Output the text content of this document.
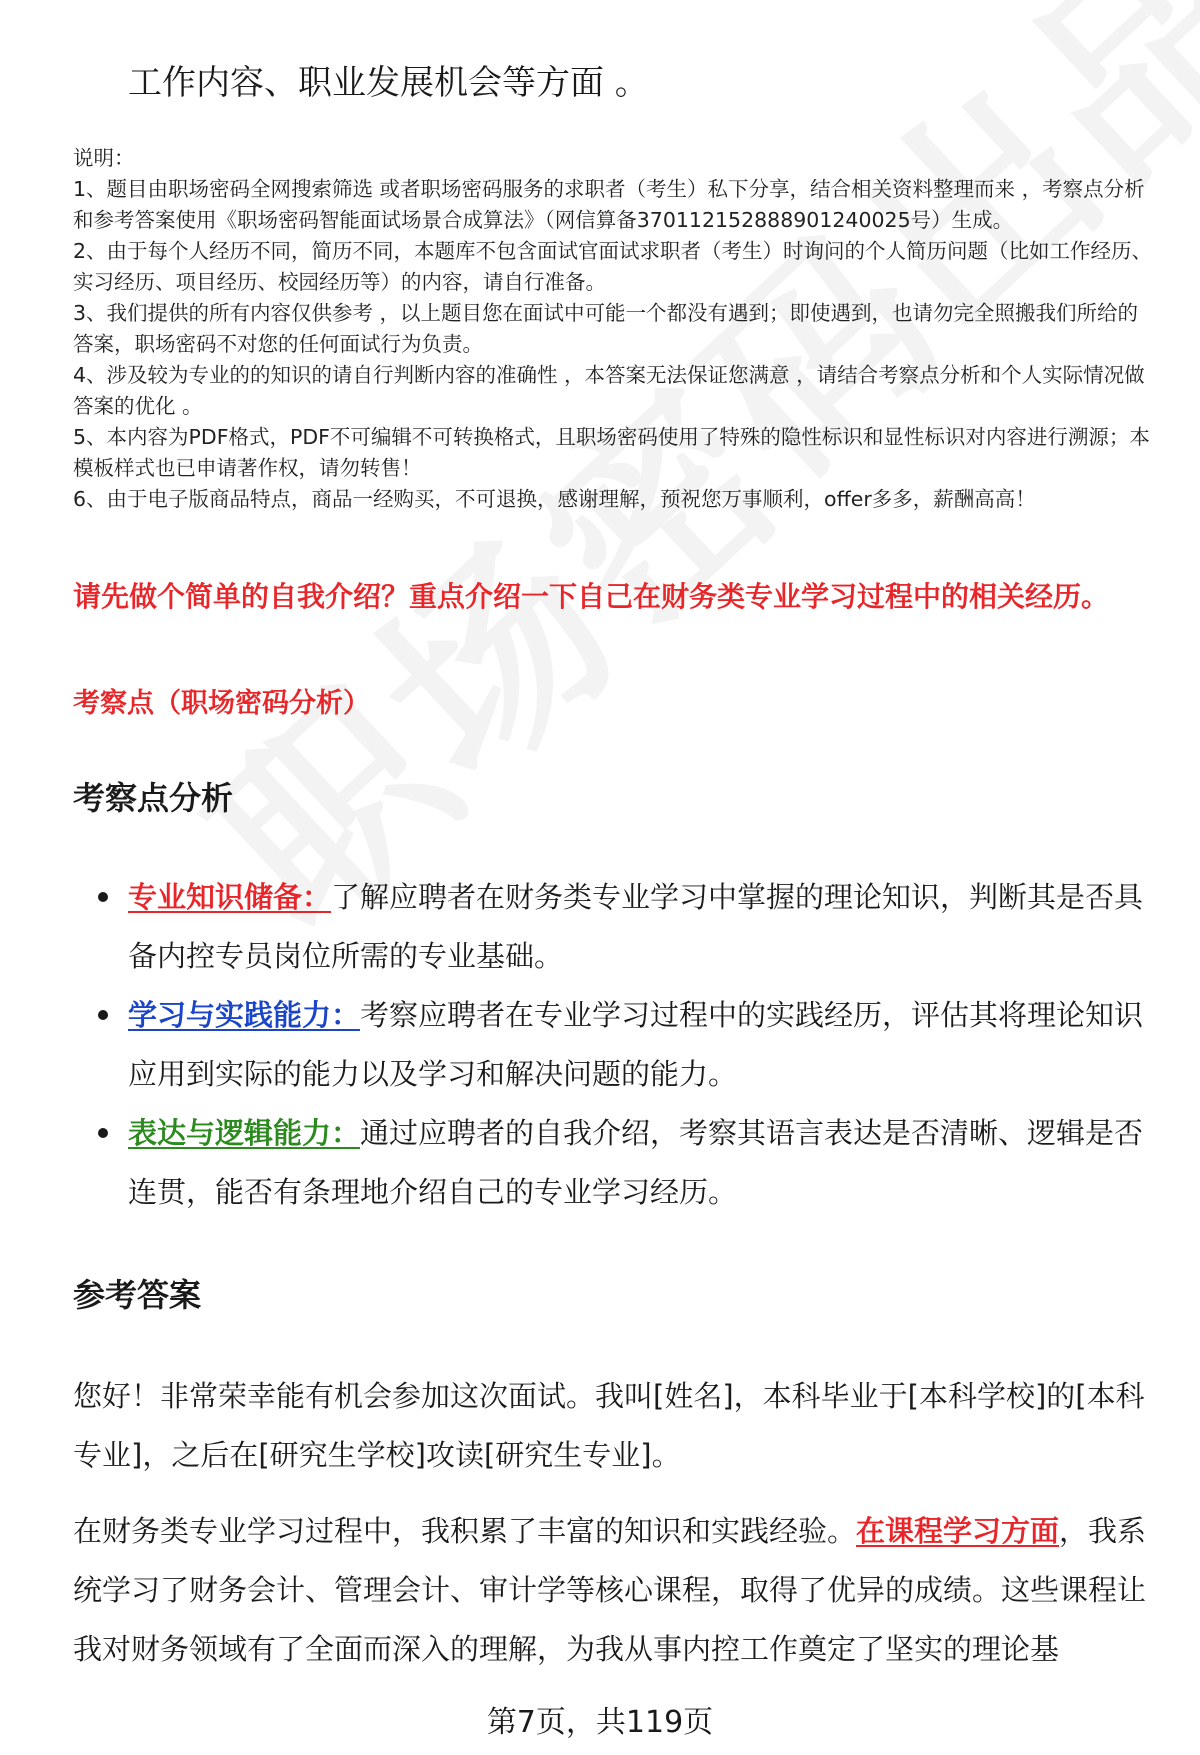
工作内容、职业发展机会等方面 。

说明：

1、题目由职场密码全网搜索筛选 或者职场密码服务的求职者（考生）私下分享，结合相关资料整理而来 ，考察点分析和参考答案使用《职场密码智能面试场景合成算法》（网信算备370112152888901240025号）生成。

2、由于每个人经历不同，简历不同，本题库不包含面试官面试求职者（考生）时询问的个人简历问题（比如工作经历、实习经历、项目经历、校园经历等）的内容，请自行准备。

3、我们提供的所有内容仅供参考 ，以上题目您在面试中可能一个都没有遇到；即使遇到，也请勿完全照搬我们所给的答案，职场密码不对您的任何面试行为负责。

4、涉及较为专业的的知识的请自行判断内容的准确性 ，本答案无法保证您满意 ，请结合考察点分析和个人实际情况做答案的优化 。

5、本内容为PDF格式，PDF不可编辑不可转换格式，且职场密码使用了特殊的隐性标识和显性标识对内容进行溯源；本模板样式也已申请著作权，请勿转售！

6、由于电子版商品特点，商品一经购买，不可退换，感谢理解，预祝您万事顺利，offer多多，薪酬高高！

请先做个简单的自我介绍？重点介绍一下自己在财务类专业学习过程中的相关经历。
考察点（职场密码分析）
考察点分析
专业知识储备：了解应聘者在财务类专业学习中掌握的理论知识，判断其是否具备内控专员岗位所需的专业基础。
学习与实践能力：考察应聘者在专业学习过程中的实践经历，评估其将理论知识应用到实际的能力以及学习和解决问题的能力。
表达与逻辑能力：通过应聘者的自我介绍，考察其语言表达是否清晰、逻辑是否连贯，能否有条理地介绍自己的专业学习经历。
参考答案

您好！非常荣幸能有机会参加这次面试。我叫[姓名]，本科毕业于[本科学校]的[本科专业]，之后在[研究生学校]攻读[研究生专业]。

在财务类专业学习过程中，我积累了丰富的知识和实践经验。在课程学习方面，我系统学习了财务会计、管理会计、审计学等核心课程，取得了优异的成绩。这些课程让我对财务领域有了全面而深入的理解，为我从事内控工作奠定了坚实的理论基

第7页，共119页
